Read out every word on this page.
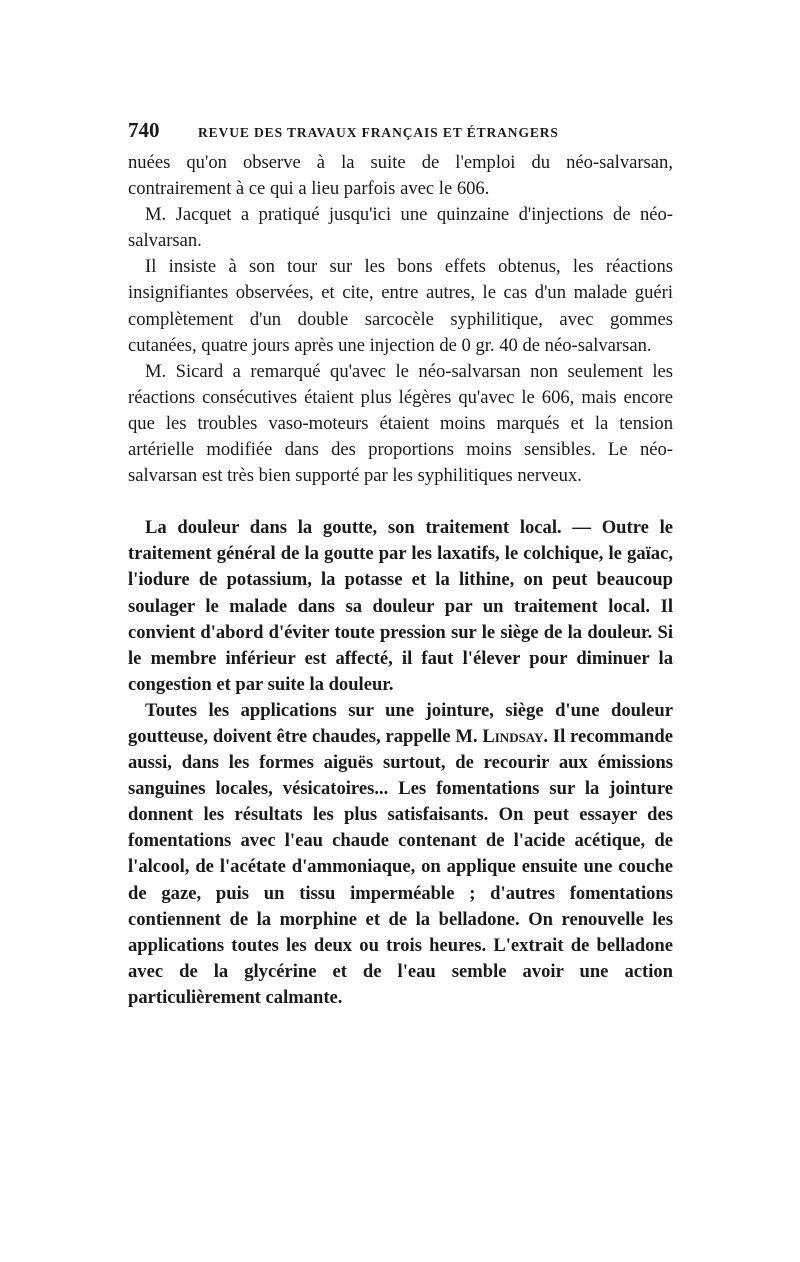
740	REVUE DES TRAVAUX FRANÇAIS ET ÉTRANGERS

nuées qu'on observe à la suite de l'emploi du néo-salvarsan, contrairement à ce qui a lieu parfois avec le 606.

M. Jacquet a pratiqué jusqu'ici une quinzaine d'injections de néo-salvarsan.

Il insiste à son tour sur les bons effets obtenus, les réactions insignifiantes observées, et cite, entre autres, le cas d'un malade guéri complètement d'un double sarcocèle syphilitique, avec gommes cutanées, quatre jours après une injection de 0 gr. 40 de néo-salvarsan.

M. Sicard a remarqué qu'avec le néo-salvarsan non seulement les réactions consécutives étaient plus légères qu'avec le 606, mais encore que les troubles vaso-moteurs étaient moins marqués et la tension artérielle modifiée dans des proportions moins sensibles. Le néo-salvarsan est très bien supporté par les syphilitiques nerveux.

La douleur dans la goutte, son traitement local. — Outre le traitement général de la goutte par les laxatifs, le colchique, le gaïac, l'iodure de potassium, la potasse et la lithine, on peut beaucoup soulager le malade dans sa douleur par un traitement local. Il convient d'abord d'éviter toute pression sur le siège de la douleur. Si le membre inférieur est affecté, il faut l'élever pour diminuer la congestion et par suite la douleur.

Toutes les applications sur une jointure, siège d'une douleur goutteuse, doivent être chaudes, rappelle M. Lindsay. Il recommande aussi, dans les formes aiguës surtout, de recourir aux émissions sanguines locales, vésicatoires... Les fomentations sur la jointure donnent les résultats les plus satisfaisants. On peut essayer des fomentations avec l'eau chaude contenant de l'acide acétique, de l'alcool, de l'acétate d'ammoniaque, on applique ensuite une couche de gaze, puis un tissu imperméable ; d'autres fomentations contiennent de la morphine et de la belladone. On renouvelle les applications toutes les deux ou trois heures. L'extrait de belladone avec de la glycérine et de l'eau semble avoir une action particulièrement calmante.
